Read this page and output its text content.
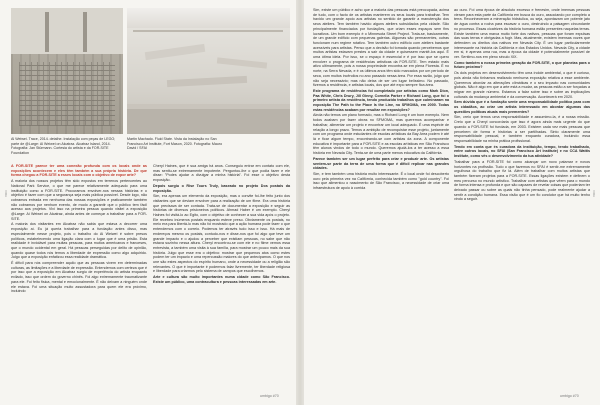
VIRA
Al Weiwei. Trace, 2014. detalhe. Instalação com peças de LEGO; parte de @Large: Al Weiwei on Alcatraz. Alcatraz Island, 2014. Fotografia: Jan Stürmann. Cortesia do artista e da FOR-SITE Foundation
Martin Machado. Fluid State. Vista da Instalação no San Francisco Art Institute, Fort Mason, 2020. Fotografia: Mauro David / SFAI

A FOR-SITE parece ter uma conexão profunda com os locais onde as exposições acontecem e eles têm também a sua própria história. De que forma chegou a FOR-SITE a esses locais com o objetivo de expor arte?

A maioria dos nossos projetos têm sido expostos em terrenos pertencentes ao National Park Service, o que me parece relativamente adequado para uma instituição como a FOR-SITE. Procuramos envolver-nos nessas histórias e o objetivo é fazer com que a segurança seja mais pública possível. Desde logo, não cobramos entrada em nenhuma das nossas exposições e praticamente também não cobramos por nenhum evento, de modo a garantir que o público tem fácil acesso aos projetos. Vivi isso na primeira pessoa quando visitei a exposição @Large: Ai Weiwei on Alcatraz, ainda antes de começar a trabalhar para a FOR-SITE.

A maioria dos visitantes em Alcatraz não sabia que estava a decorrer uma exposição aí. Eu já queria trabalhar para a fundação antes disso, mas especialmente nesse projeto, pois o trabalho do Ai Weiwei é sobre presos políticos, estabelecendo uma ligação clara com o lugar que é uma prisão. Esta realidade é inviolável para muitas pessoas, para muitos americanos e franceses, que o mundo ocidental em geral. Há pessoas perseguidas por delito de opinião, quando quase todos nós temos a liberdade de expressão como algo adquirido. Julgo que a exposição enfatizou essa realidade dramática.

É difícil para nós compreender aquilo que as pessoas vivem em determinadas culturas, as limitações e a liberdade de expressão. Entendemos com certeza que é por isso que a exposição em Alcatraz surgiu de experiência do artista enquanto exilado, isso que ordem do governo chinês. Foi algo extremamente traumatizante para ele. Foi feito fisica, mental e emocionalmente. É não deixam a ninguém onde ele estava. Foi uma situação muito assustadora para quem ele era próximo, incluindo

Cheryl Haines, que é sua amiga há anos. Conseguiu entrar em contato com ele, mas sentiu-se extremamente impotente. Perguntou-lhe o que podia fazer e ele disse: "Podes ajudar a divulgar a minha história". Foi esse o objetivo desta exposição.

Depois surgiu o Rise Tours Truly, baseado no projeto Dos postais da exposição.

Sim, era apenas um elemento da exposição, mas o convite foi-lhe feito junto dos visitantes que se deviam envolver para a realização de um filme. Era uma história que precisava de ser contada. Trata-se de documentar a exposição e seguir as histórias de diversos prisioneiros políticos. Ahmad Haber é um exemplo. Cheryl Haines foi visitá-lo ao Egito, com o objetivo de conhecer a sua vida após o projeto. Ele recebeu inúmeros postais enquanto esteve preso. Obviamente os postais, no meio era para libertá-lo mas não foi mostrado que a ação humana pode fazer o que entendemos com o correio. Podemos ter através tudo isso e isso. Há mais de endereços mesmo os postais, contudo-nos e disse-nos que foi algo que teve um grande impacto e o ajudou a perceber que existiam pessoas, no sabe que não estava sozinho nessa altura. Cheryl encontrou-se com ele e no filme vemos essa entrevista, a também uma visita à sua família, para mostrar um pouco mais da sua história. Julgo que esse era o objetivo: mostrar que pequenos atos como estes podem ter um impacto e uma repercussão maiores do que antecipamos. O que nos une são estes aspectos do espírito humano, onde a necessidade ou a religião são relevantes. O que é importante é podermos falar livremente, ter liberdade religiosa e liberdade para criarmos pelo sistema de campos que escolhemos.

Arte e cultura são muito importantes numa cidade como São Francisco. Existe um público, uma contracultura e pessoas interessadas em arte.

umbigo #70
VIRA

Sim, existe um público e acho que a maioria das pessoas está preocupada, acima de tudo, com o facto de os artistas manterem os seus locais para trabalhar. Tem havido um grande apoio aos artistas no sentido de garantir a manutenção dos seus ateliers. Tem também havido alguns ateliers subsidiados pela cidade. São principalmente financiados por fundações, que criam esses espaços sem fins lucrativos. Um bom exemplo é o Minnesota Street Project. Trata-se, basicamente, de um grande edifício com pequenas galerias. Algumas são permanentes, outras funcionam num regime rotativo. Tem também outro edifício com ateliers bastante acessíveis para artistas. Penso que a decisão foi tomada quando percebemos que muitos artistas estavam prestes a sair da cidade e quisessem mantê-los aqui. É uma ótima ideia. Por isso, se o espaço é essencial e é por isso que se quero envolver o programa de residências artísticas da FOR-SITE. Tem estado mais ativo ultimamente, pois a nossa propriedade encontra-se em plena Floresta. É no norte, na Serra Nevada, e é os últimos anos têm sido marcados por um período de seca, com muitos incêndios no ano passado nessa área. Por essa razão, julgo que não seja necessário; mas não deixa de ser um lugar belíssimo. No passado, fizemos a residência, e artistas locais, dos que até expo sempre fica área.

Este programa de residências foi completado por artistas como Mark Dion, Paa White, Chris Drury, Jill Ginny, Cornelia Parker e Richard Long, que foi o primeiro artista da residência, tendo produzido trabalhos que culminaram na exposição The Path to the Place Is the Line, no SFMOMA, em 2000. Todas estas residências acabam por resultar em exposições?

Ainda não temos um plano formado, mas o Richard Long é um bom exemplo. Nem todos acabam por fazer obras no SFMOMA, mas queremos acompanhar e trabalhar, alimentar um projeto e encontrar um local adequado. É uma espécie de relação a longo prazo. Temos a ambição de reconquistar esse projeto, juntamente com um programa onde estudantes de escolas artísticas da Bay Area podem ir até lá e ficar algum tempo, encontrando-se com artistas da zona. A componente educativa é importante para a FOR-SITE e as escolas artísticas em São Francisco têm alunos vindos de todo o mundo. Queremos ajudá-los a ter acesso a essa história em Nevada City. Tenta-se de uma parte menos educativa da Califórnia.

Parece também ser um lugar perfeito para criar e produzir arte. Os artistas sentem-se parte da terra de uma forma que é difícil replicar nas grandes cidades.

Sim, e tem também uma história muito interessante. É o local onde foi descoberto ouro pela primeira vez na Califórnia, conhecida também como "gold country". Foi isso que alimentou o nascimento de São Francisco, a necessidade de criar uma infraestrutura de apoio à corrida

ao ouro. Foi uma época de absoluto excesso e frenesim, onde imensas pessoas vieram para esta parte da Califórnia em busca do ouro, associando por completo a terra. Reconheceram a mineração hidráulica, ou seja, apontavam um potente jato de água contra a rocha para escavar o ouro, destruindo a paisagem circundante no processo. Essas cicatrizes da história humana estão presentes naquelas terras. Existe também uma marca muito forte dos nativos, pessoas que foram expulsas das suas terras e obrigadas a fugir. Mas, atualmente, existem imensas vozes que defendem os direitos dos nativos em Nevada City. É um lugar particularmente interessante na história da Califórnia e dos Estados Unidos. Nevada City, a cidade em si, é apenas uma rua, mas a época da cidade é potencialmente possível de ver. Sentimo-nos em pleno século XIX.

Como também a nossa primeira geração da FOR-SITE, o que planeias para o futuro próximo?

Os dois projetos em desenvolvimento têm uma índole ambiental, o que é curioso, pois ainda não tínhamos realizado nenhuma exposição relativa a esse ambiente. Queremos abordar as alterações climáticas e o seu impacto nas comunidades globais. Não é algo em que a arte está a mudar, as pessoas estão a ser forçadas a migrar em grande número. Estamos a falar sobre isso e sobre as implicações culturais da mudança ambiental e da conservação. Acontecerá em 2020.

Sem dúvida que é a fundação sente uma responsabilidade política para com os cidadãos, ao criar um artista interessado em abordar algumas das questões políticas atuais mais prementes?

Sim, creio que temos uma responsabilidade e assumimo-la, é a nossa missão. Creio que a Cheryl concordaria que isso é agora ainda mais urgente do que quando a FOR-SITE foi fundada, em 2003. Existem cada vez mais pessoas que percebem de forma e histórias a ser partilhadas. Sinto claramente uma responsabilidade pessoal, e também enquanto curadora, incluindo essa responsabilidade na minha prática profissional.

Tendo em conta que és curadora da instituição, tempo, tendo trabalhado, entre outros locais, no SFAI (San Francisco Art Institute) e no CCA Wattis Institute, como vês o desenvolvimento da tua atividade?

Trabalhar para a FOR-SITE foi como alcançar um novo patamar e novos horizontes na profissão. Tudo o que fazemos no SFAI é sentir-me extremamente orgulhosa do trabalho que fiz lá. Além de trabalhar com muitos artistas que também fizeram projetos para a FOR-SITE. Essas ligações existem e definem o meu percurso no mundo artístico. Trabalhar com artistas que vêem para o mundo de forma intensa e profunda e que são capazes de revelar coisas que poderiam ter deixado passar ou sobre as quais não tinha pensado, pode realmente ajudar a sentir a condição humana. Essa visão que é um fio condutor que há muito tenho vindo a seguir.

umbigo #70
